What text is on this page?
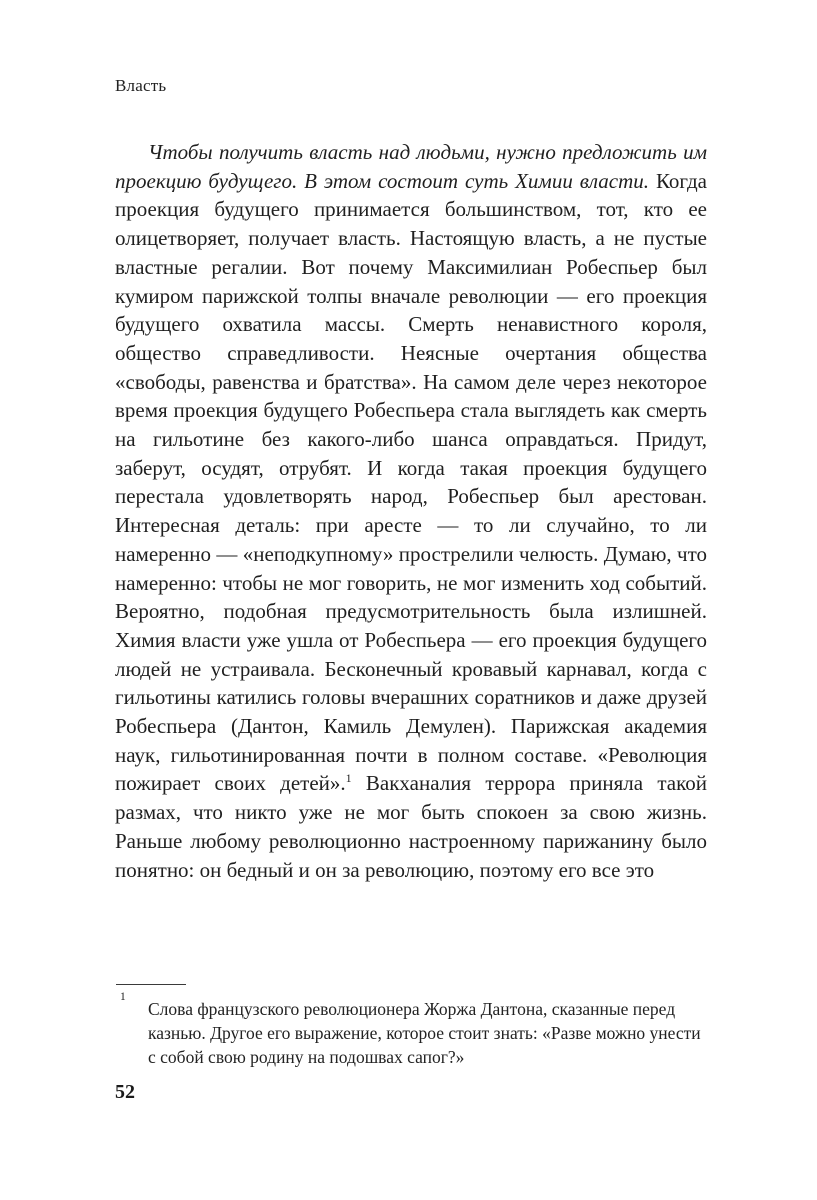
Власть

Чтобы получить власть над людьми, нужно предложить им проекцию будущего. В этом состоит суть Химии власти. Когда проекция будущего принимается большинством, тот, кто ее олицетворяет, получает власть. Настоящую власть, а не пустые властные регалии. Вот почему Максимилиан Робеспьер был кумиром парижской толпы вначале революции — его проекция будущего охватила массы. Смерть ненавистного короля, общество справедливости. Неясные очертания общества «свободы, равенства и братства». На самом деле через некоторое время проекция будущего Робеспьера стала выглядеть как смерть на гильотине без какого-либо шанса оправдаться. Придут, заберут, осудят, отрубят. И когда такая проекция будущего перестала удовлетворять народ, Робеспьер был арестован. Интересная деталь: при аресте — то ли случайно, то ли намеренно — «неподкупному» прострелили челюсть. Думаю, что намеренно: чтобы не мог говорить, не мог изменить ход событий. Вероятно, подобная предусмотрительность была излишней. Химия власти уже ушла от Робеспьера — его проекция будущего людей не устраивала. Бесконечный кровавый карнавал, когда с гильотины катились головы вчерашних соратников и даже друзей Робеспьера (Дантон, Камиль Демулен). Парижская академия наук, гильотинированная почти в полном составе. «Революция пожирает своих детей».$^1$ Вакханалия террора приняла такой размах, что никто уже не мог быть спокоен за свою жизнь. Раньше любому революционно настроенному парижанину было понятно: он бедный и он за революцию, поэтому его все это

1
Слова французского революционера Жоржа Дантона, сказанные перед казнью. Другое его выражение, которое стоит знать: «Разве можно унести с собой свою родину на подошвах сапог?»
52
